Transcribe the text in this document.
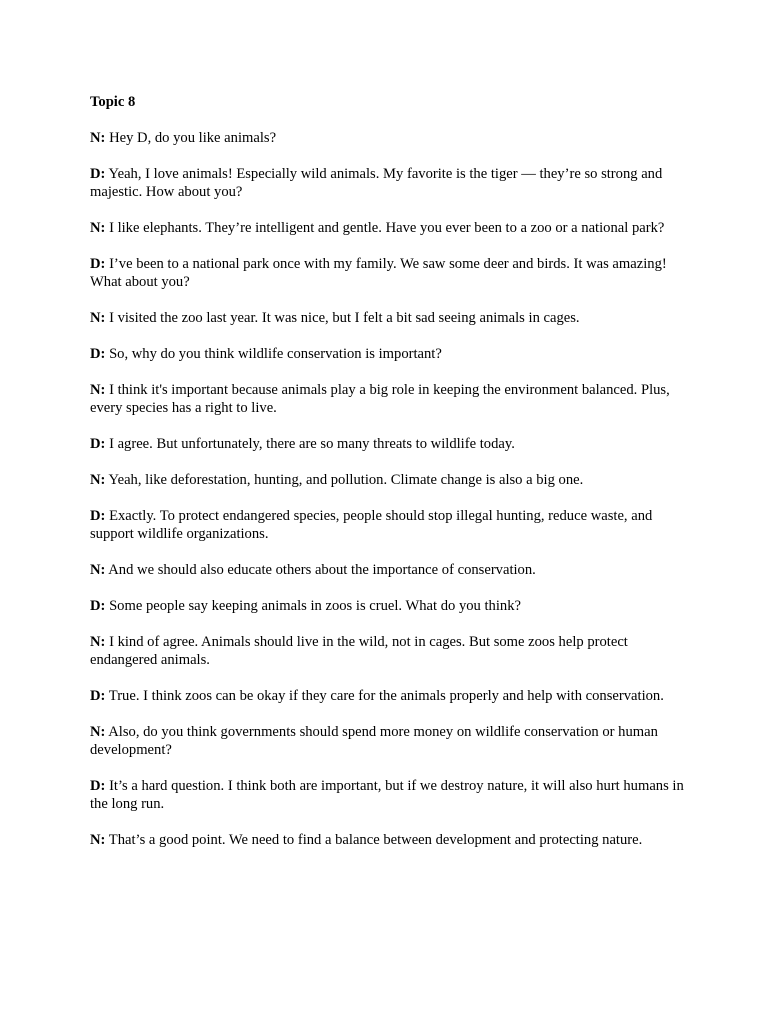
Topic 8

N: Hey D, do you like animals?

D: Yeah, I love animals! Especially wild animals. My favorite is the tiger — they’re so strong and majestic. How about you?

N: I like elephants. They’re intelligent and gentle. Have you ever been to a zoo or a national park?

D: I’ve been to a national park once with my family. We saw some deer and birds. It was amazing! What about you?

N: I visited the zoo last year. It was nice, but I felt a bit sad seeing animals in cages.

D: So, why do you think wildlife conservation is important?

N: I think it's important because animals play a big role in keeping the environment balanced. Plus, every species has a right to live.

D: I agree. But unfortunately, there are so many threats to wildlife today.

N: Yeah, like deforestation, hunting, and pollution. Climate change is also a big one.

D: Exactly. To protect endangered species, people should stop illegal hunting, reduce waste, and support wildlife organizations.

N: And we should also educate others about the importance of conservation.

D: Some people say keeping animals in zoos is cruel. What do you think?

N: I kind of agree. Animals should live in the wild, not in cages. But some zoos help protect endangered animals.

D: True. I think zoos can be okay if they care for the animals properly and help with conservation.

N: Also, do you think governments should spend more money on wildlife conservation or human development?

D: It’s a hard question. I think both are important, but if we destroy nature, it will also hurt humans in the long run.

N: That’s a good point. We need to find a balance between development and protecting nature.
